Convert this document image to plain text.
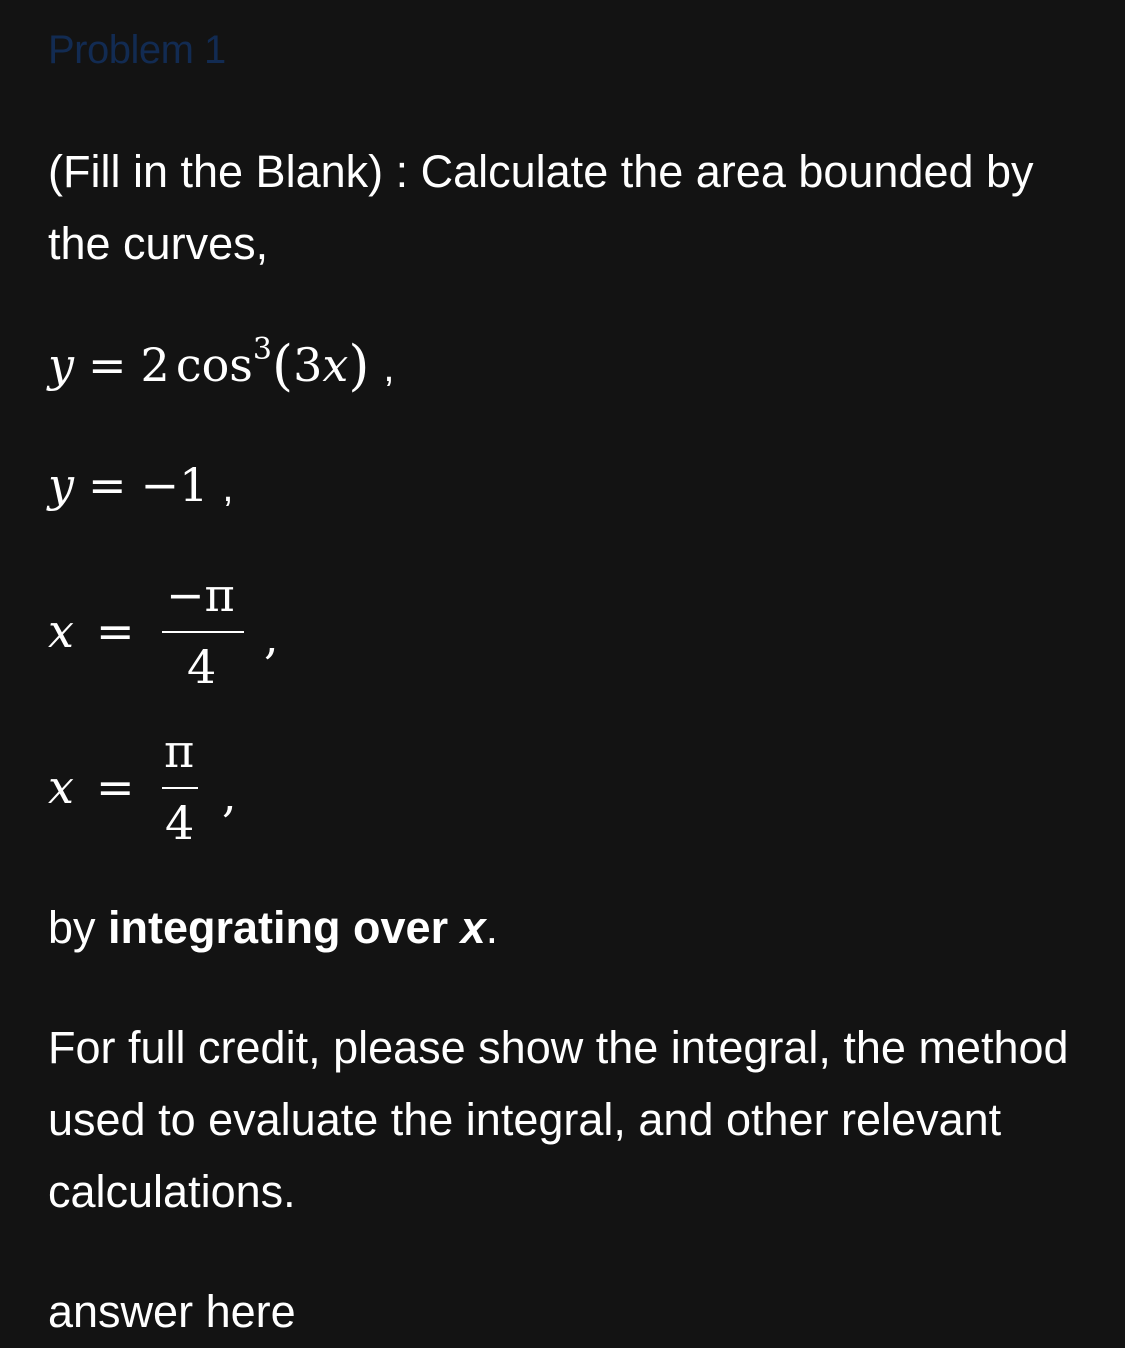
Problem 1
(Fill in the Blank) : Calculate the area bounded by the curves,
y = 2 $\cos^3(3x)$ ,
y = −1 ,
x =
−π
4
,
x =
π
4
,
by integrating over x.
For full credit, please show the integral, the method used to evaluate the integral, and other relevant calculations.
answer here
